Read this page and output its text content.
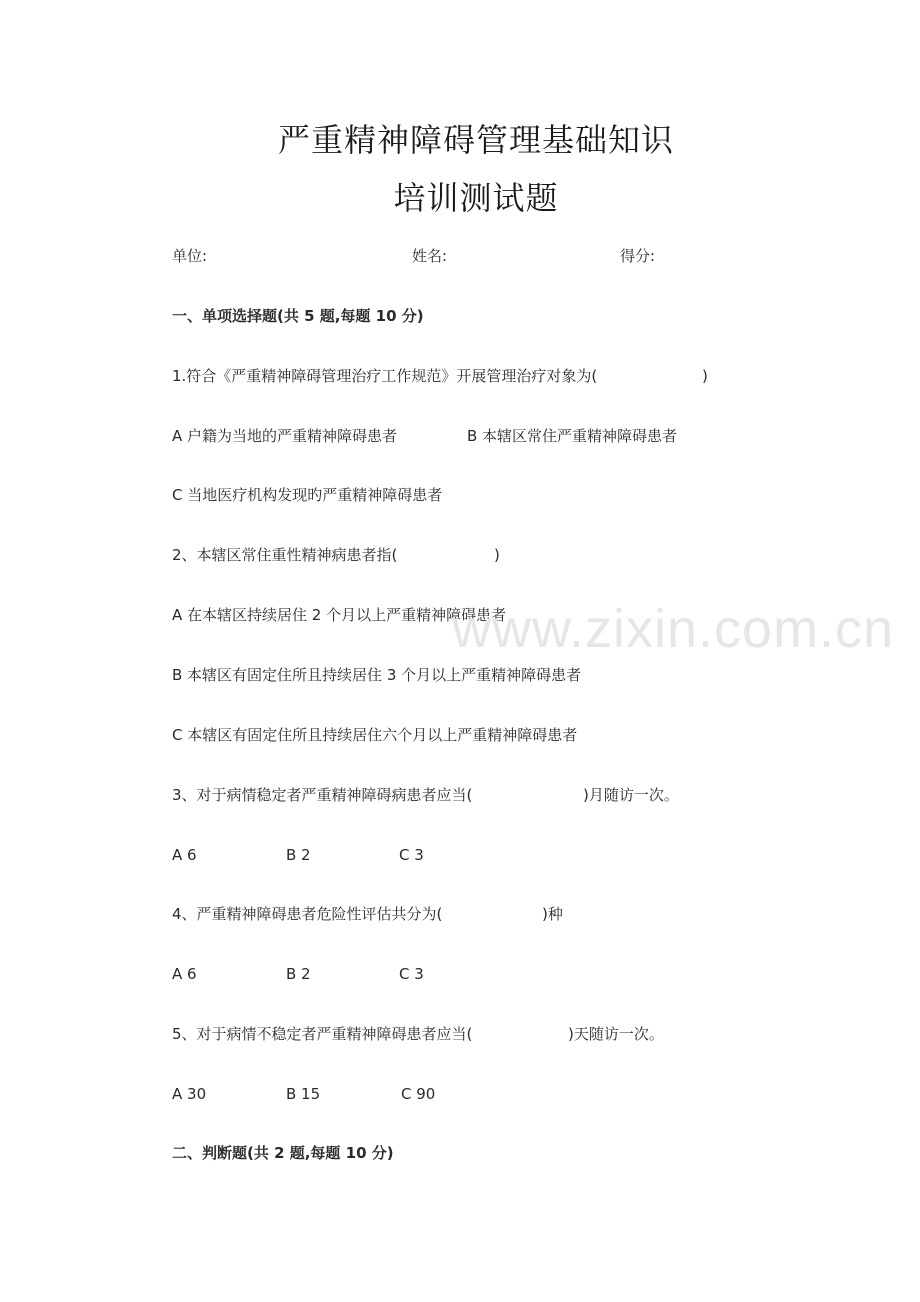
严重精神障碍管理基础知识
培训测试题
单位:	姓名:	得分:
一、单项选择题(共 5 题,每题 10 分)
1.符合《严重精神障碍管理治疗工作规范》开展管理治疗对象为(	)
A 户籍为当地的严重精神障碍患者	B 本辖区常住严重精神障碍患者
C 当地医疗机构发现旳严重精神障碍患者
2、本辖区常住重性精神病患者指(	)
A 在本辖区持续居住 2 个月以上严重精神障碍患者
B 本辖区有固定住所且持续居住 3 个月以上严重精神障碍患者
C 本辖区有固定住所且持续居住六个月以上严重精神障碍患者
3、对于病情稳定者严重精神障碍病患者应当(	)月随访一次。
A 6	B 2	C 3
4、严重精神障碍患者危险性评估共分为(	)种
A 6	B 2	C 3
5、对于病情不稳定者严重精神障碍患者应当(	)天随访一次。
A 30	B 15	C 90
二、判断题(共 2 题,每题 10 分)
www.zixin.com.cn
